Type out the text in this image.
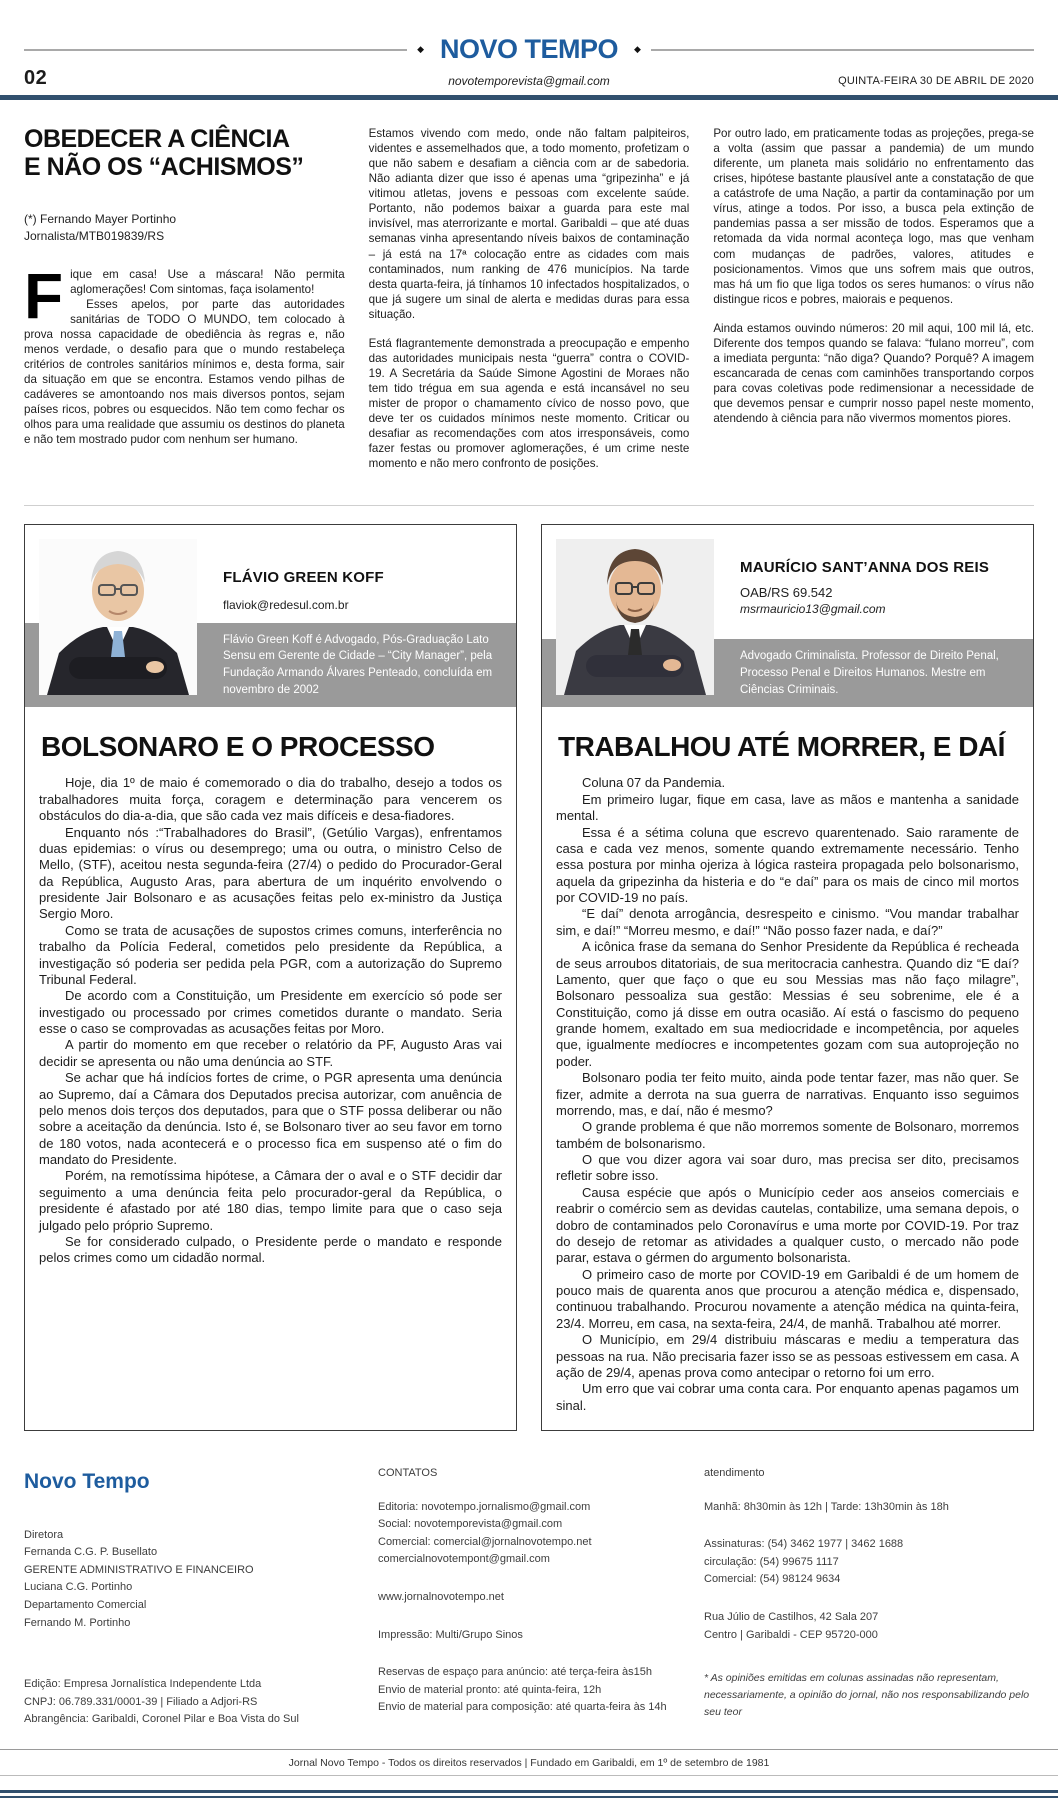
◆ NOVO TEMPO ◆
02	novotemporevista@gmail.com	QUINTA-FEIRA 30 DE ABRIL DE 2020
OBEDECER A CIÊNCIA
E NÃO OS “ACHISMOS”
(*) Fernando Mayer Portinho
Jornalista/MTB019839/RS
F ique em casa! Use a máscara! Não permita aglomerações! Com sintomas, faça isolamento!

Esses apelos, por parte das autoridades sanitárias de TODO O MUNDO, tem colocado à prova nossa capacidade de obediência às regras e, não menos verdade, o desafio para que o mundo restabeleça critérios de controles sanitários mínimos e, desta forma, sair da situação em que se encontra. Estamos vendo pilhas de cadáveres se amontoando nos mais diversos pontos, sejam países ricos, pobres ou esquecidos. Não tem como fechar os olhos para uma realidade que assumiu os destinos do planeta e não tem mostrado pudor com nenhum ser humano.

Estamos vivendo com medo, onde não faltam palpiteiros, videntes e assemelhados que, a todo momento, profetizam o que não sabem e desafiam a ciência com ar de sabedoria. Não adianta dizer que isso é apenas uma “gripezinha” e já vitimou atletas, jovens e pessoas com excelente saúde. Portanto, não podemos baixar a guarda para este mal invisível, mas aterrorizante e mortal. Garibaldi – que até duas semanas vinha apresentando níveis baixos de contaminação – já está na 17ª colocação entre as cidades com mais contaminados, num ranking de 476 municípios. Na tarde desta quarta-feira, já tínhamos 10 infectados hospitalizados, o que já sugere um sinal de alerta e medidas duras para essa situação.

Está flagrantemente demonstrada a preocupação e empenho das autoridades municipais nesta “guerra” contra o COVID-19. A Secretária da Saúde Simone Agostini de Moraes não tem tido trégua em sua agenda e está incansável no seu mister de propor o chamamento cívico de nosso povo, que deve ter os cuidados mínimos neste momento. Criticar ou desafiar as recomendações com atos irresponsáveis, como fazer festas ou promover aglomerações, é um crime neste momento e não mero confronto de posições.

Por outro lado, em praticamente todas as projeções, prega-se a volta (assim que passar a pandemia) de um mundo diferente, um planeta mais solidário no enfrentamento das crises, hipótese bastante plausível ante a constatação de que a catástrofe de uma Nação, a partir da contaminação por um vírus, atinge a todos. Por isso, a busca pela extinção de pandemias passa a ser missão de todos. Esperamos que a retomada da vida normal aconteça logo, mas que venham com mudanças de padrões, valores, atitudes e posicionamentos. Vimos que uns sofrem mais que outros, mas há um fio que liga todos os seres humanos: o vírus não distingue ricos e pobres, maiorais e pequenos.

Ainda estamos ouvindo números: 20 mil aqui, 100 mil lá, etc. Diferente dos tempos quando se falava: “fulano morreu”, com a imediata pergunta: “não diga? Quando? Porquê? A imagem escancarada de cenas com caminhões transportando corpos para covas coletivas pode redimensionar a necessidade de que devemos pensar e cumprir nosso papel neste momento, atendendo à ciência para não vivermos momentos piores.

FLÁVIO GREEN KOFF
flaviok@redesul.com.br
Flávio Green Koff é Advogado, Pós-Graduação Lato Sensu em Gerente de Cidade – “City Manager”, pela Fundação Armando Álvares Penteado, concluída em novembro de 2002
BOLSONARO E O PROCESSO

Hoje, dia 1º de maio é comemorado o dia do trabalho, desejo a todos os trabalhadores muita força, coragem e determinação para vencerem os obstáculos do dia-a-dia, que são cada vez mais difíceis e desa-fiadores.

Enquanto nós :“Trabalhadores do Brasil”, (Getúlio Vargas), enfrentamos duas epidemias: o vírus ou desemprego; uma ou outra, o ministro Celso de Mello, (STF), aceitou nesta segunda-feira (27/4) o pedido do Procurador-Geral da República, Augusto Aras, para abertura de um inquérito envolvendo o presidente Jair Bolsonaro e as acusações feitas pelo ex-ministro da Justiça Sergio Moro.

Como se trata de acusações de supostos crimes comuns, interferência no trabalho da Polícia Federal, cometidos pelo presidente da República, a investigação só poderia ser pedida pela PGR, com a autorização do Supremo Tribunal Federal.

De acordo com a Constituição, um Presidente em exercício só pode ser investigado ou processado por crimes cometidos durante o mandato. Seria esse o caso se comprovadas as acusações feitas por Moro.

A partir do momento em que receber o relatório da PF, Augusto Aras vai decidir se apresenta ou não uma denúncia ao STF.

Se achar que há indícios fortes de crime, o PGR apresenta uma denúncia ao Supremo, daí a Câmara dos Deputados precisa autorizar, com anuência de pelo menos dois terços dos deputados, para que o STF possa deliberar ou não sobre a aceitação da denúncia. Isto é, se Bolsonaro tiver ao seu favor em torno de 180 votos, nada acontecerá e o processo fica em suspenso até o fim do mandato do Presidente.

Porém, na remotíssima hipótese, a Câmara der o aval e o STF decidir dar seguimento a uma denúncia feita pelo procurador-geral da República, o presidente é afastado por até 180 dias, tempo limite para que o caso seja julgado pelo próprio Supremo.

Se for considerado culpado, o Presidente perde o mandato e responde pelos crimes como um cidadão normal.

MAURÍCIO SANT’ANNA DOS REIS
OAB/RS 69.542
msrmauricio13@gmail.com
Advogado Criminalista. Professor de Direito Penal, Processo Penal e Direitos Humanos. Mestre em Ciências Criminais.
TRABALHOU ATÉ MORRER, E DAÍ

Coluna 07 da Pandemia.

Em primeiro lugar, fique em casa, lave as mãos e mantenha a sanidade mental.

Essa é a sétima coluna que escrevo quarentenado. Saio raramente de casa e cada vez menos, somente quando extremamente necessário. Tenho essa postura por minha ojeriza à lógica rasteira propagada pelo bolsonarismo, aquela da gripezinha da histeria e do “e daí” para os mais de cinco mil mortos por COVID-19 no país.

“E daí” denota arrogância, desrespeito e cinismo. “Vou mandar trabalhar sim, e daí!” “Morreu mesmo, e daí!” “Não posso fazer nada, e daí?”

A icônica frase da semana do Senhor Presidente da República é recheada de seus arroubos ditatoriais, de sua meritocracia canhestra. Quando diz “E daí? Lamento, quer que faço o que eu sou Messias mas não faço milagre”, Bolsonaro pessoaliza sua gestão: Messias é seu sobrenime, ele é a Constituição, como já disse em outra ocasião. Aí está o fascismo do pequeno grande homem, exaltado em sua mediocridade e incompetência, por aqueles que, igualmente medíocres e incompetentes gozam com sua autoprojeção no poder.

Bolsonaro podia ter feito muito, ainda pode tentar fazer, mas não quer. Se fizer, admite a derrota na sua guerra de narrativas. Enquanto isso seguimos morrendo, mas, e daí, não é mesmo?

O grande problema é que não morremos somente de Bolsonaro, morremos também de bolsonarismo.

O que vou dizer agora vai soar duro, mas precisa ser dito, precisamos refletir sobre isso.

Causa espécie que após o Município ceder aos anseios comerciais e reabrir o comércio sem as devidas cautelas, contabilize, uma semana depois, o dobro de contaminados pelo Coronavírus e uma morte por COVID-19. Por traz do desejo de retomar as atividades a qualquer custo, o mercado não pode parar, estava o gérmen do argumento bolsonarista.

O primeiro caso de morte por COVID-19 em Garibaldi é de um homem de pouco mais de quarenta anos que procurou a atenção médica e, dispensado, continuou trabalhando. Procurou novamente a atenção médica na quinta-feira, 23/4. Morreu, em casa, na sexta-feira, 24/4, de manhã. Trabalhou até morrer.

O Município, em 29/4 distribuiu máscaras e mediu a temperatura das pessoas na rua. Não precisaria fazer isso se as pessoas estivessem em casa. A ação de 29/4, apenas prova como antecipar o retorno foi um erro.

Um erro que vai cobrar uma conta cara. Por enquanto apenas pagamos um sinal.

Novo Tempo
Diretora
Fernanda C.G. P. Busellato
GERENTE ADMINISTRATIVO E FINANCEIRO
Luciana C.G. Portinho
Departamento Comercial
Fernando M. Portinho
Edição: Empresa Jornalística Independente Ltda
CNPJ: 06.789.331/0001-39 | Filiado a Adjori-RS
Abrangência: Garibaldi, Coronel Pilar e Boa Vista do Sul
CONTATOS
Editoria: novotempo.jornalismo@gmail.com
Social: novotemporevista@gmail.com
Comercial: comercial@jornalnovotempo.net
comercialnovotempont@gmail.com
www.jornalnovotempo.net
Impressão: Multi/Grupo Sinos
Reservas de espaço para anúncio: até terça-feira às15h
Envio de material pronto: até quinta-feira, 12h
Envio de material para composição: até quarta-feira às 14h
atendimento
Manhã: 8h30min às 12h | Tarde: 13h30min às 18h
Assinaturas: (54) 3462 1977 | 3462 1688
circulação: (54) 99675 1117
Comercial: (54) 98124 9634
Rua Júlio de Castilhos, 42 Sala 207
Centro | Garibaldi - CEP 95720-000
* As opiniões emitidas em colunas assinadas não representam, necessariamente, a opinião do jornal, não nos responsabilizando pelo seu teor
Jornal Novo Tempo - Todos os direitos reservados | Fundado em Garibaldi, em 1º de setembro de 1981
